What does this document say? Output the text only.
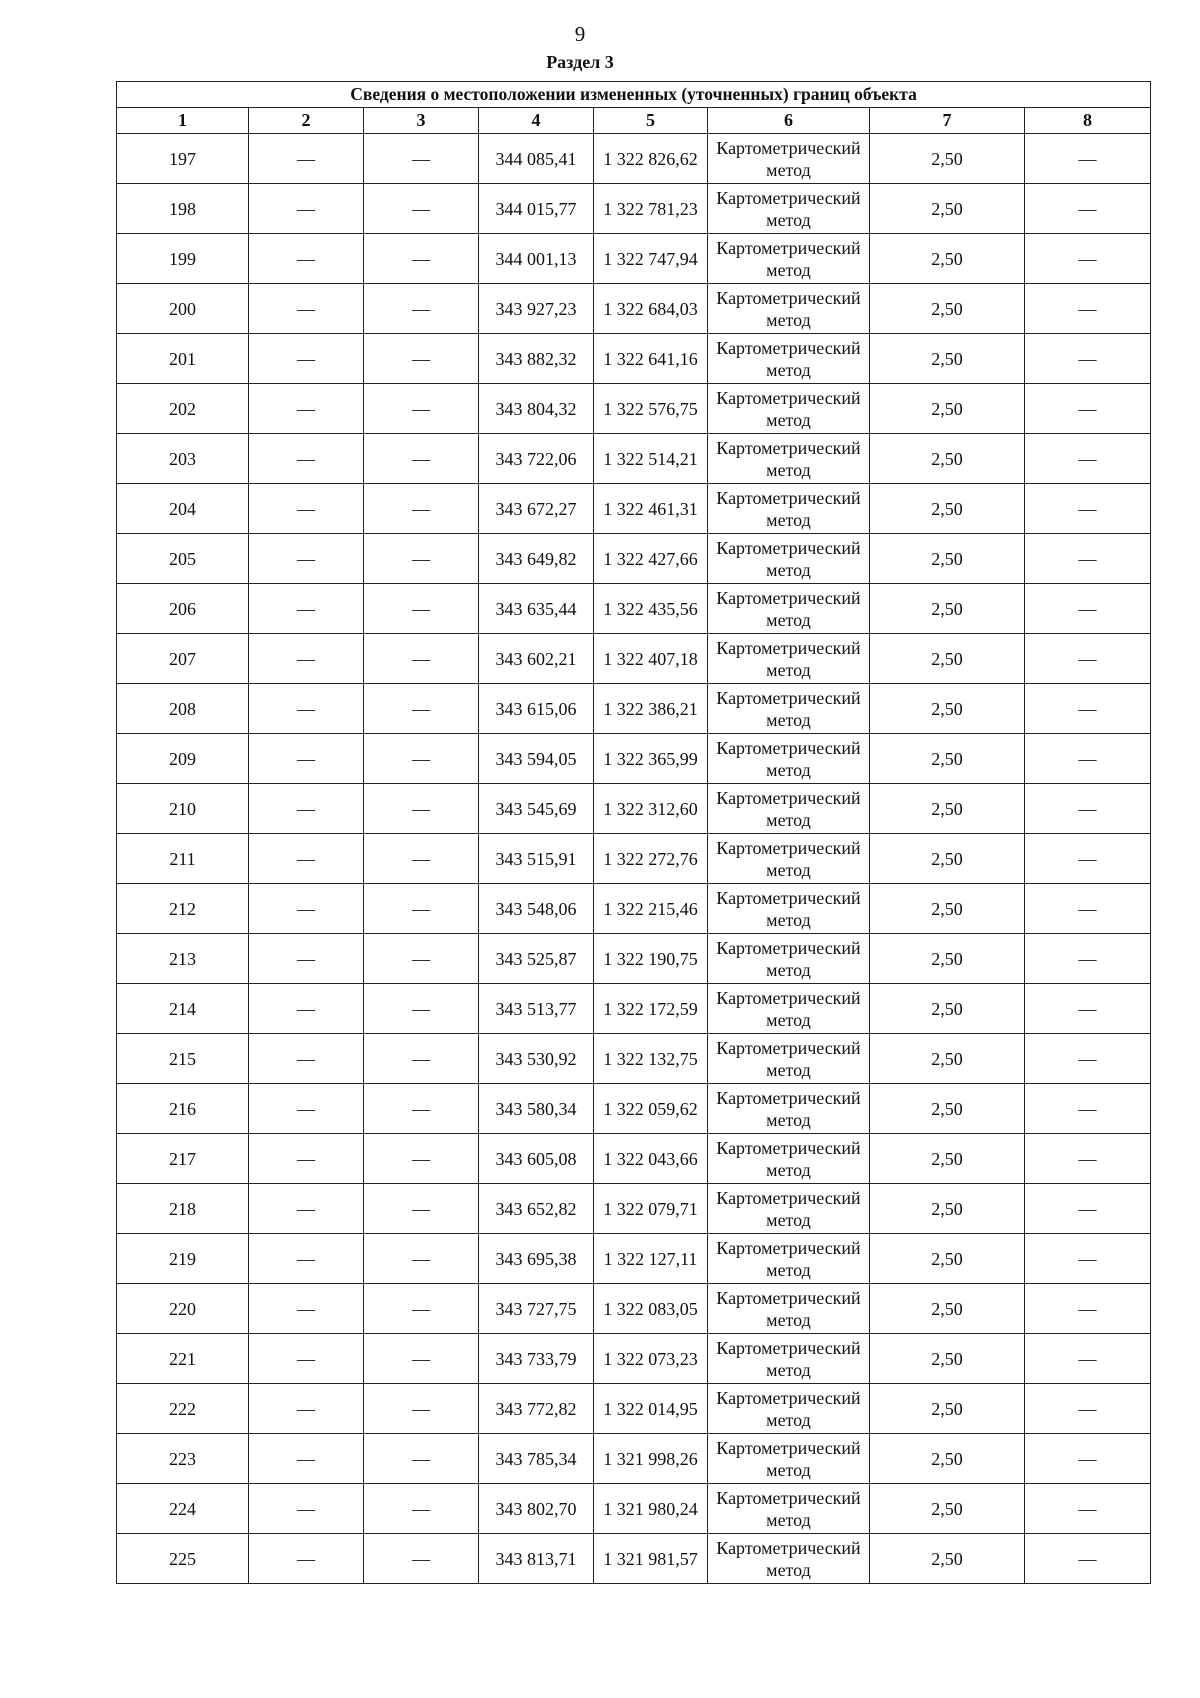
9
Раздел 3
Сведения о местоположении измененных (уточненных) границ объекта							
1	2	3	4	5	6	7	8
197	—	—	344 085,41	1 322 826,62	Картометрический метод	2,50	—
198	—	—	344 015,77	1 322 781,23	Картометрический метод	2,50	—
199	—	—	344 001,13	1 322 747,94	Картометрический метод	2,50	—
200	—	—	343 927,23	1 322 684,03	Картометрический метод	2,50	—
201	—	—	343 882,32	1 322 641,16	Картометрический метод	2,50	—
202	—	—	343 804,32	1 322 576,75	Картометрический метод	2,50	—
203	—	—	343 722,06	1 322 514,21	Картометрический метод	2,50	—
204	—	—	343 672,27	1 322 461,31	Картометрический метод	2,50	—
205	—	—	343 649,82	1 322 427,66	Картометрический метод	2,50	—
206	—	—	343 635,44	1 322 435,56	Картометрический метод	2,50	—
207	—	—	343 602,21	1 322 407,18	Картометрический метод	2,50	—
208	—	—	343 615,06	1 322 386,21	Картометрический метод	2,50	—
209	—	—	343 594,05	1 322 365,99	Картометрический метод	2,50	—
210	—	—	343 545,69	1 322 312,60	Картометрический метод	2,50	—
211	—	—	343 515,91	1 322 272,76	Картометрический метод	2,50	—
212	—	—	343 548,06	1 322 215,46	Картометрический метод	2,50	—
213	—	—	343 525,87	1 322 190,75	Картометрический метод	2,50	—
214	—	—	343 513,77	1 322 172,59	Картометрический метод	2,50	—
215	—	—	343 530,92	1 322 132,75	Картометрический метод	2,50	—
216	—	—	343 580,34	1 322 059,62	Картометрический метод	2,50	—
217	—	—	343 605,08	1 322 043,66	Картометрический метод	2,50	—
218	—	—	343 652,82	1 322 079,71	Картометрический метод	2,50	—
219	—	—	343 695,38	1 322 127,11	Картометрический метод	2,50	—
220	—	—	343 727,75	1 322 083,05	Картометрический метод	2,50	—
221	—	—	343 733,79	1 322 073,23	Картометрический метод	2,50	—
222	—	—	343 772,82	1 322 014,95	Картометрический метод	2,50	—
223	—	—	343 785,34	1 321 998,26	Картометрический метод	2,50	—
224	—	—	343 802,70	1 321 980,24	Картометрический метод	2,50	—
225	—	—	343 813,71	1 321 981,57	Картометрический метод	2,50	—
